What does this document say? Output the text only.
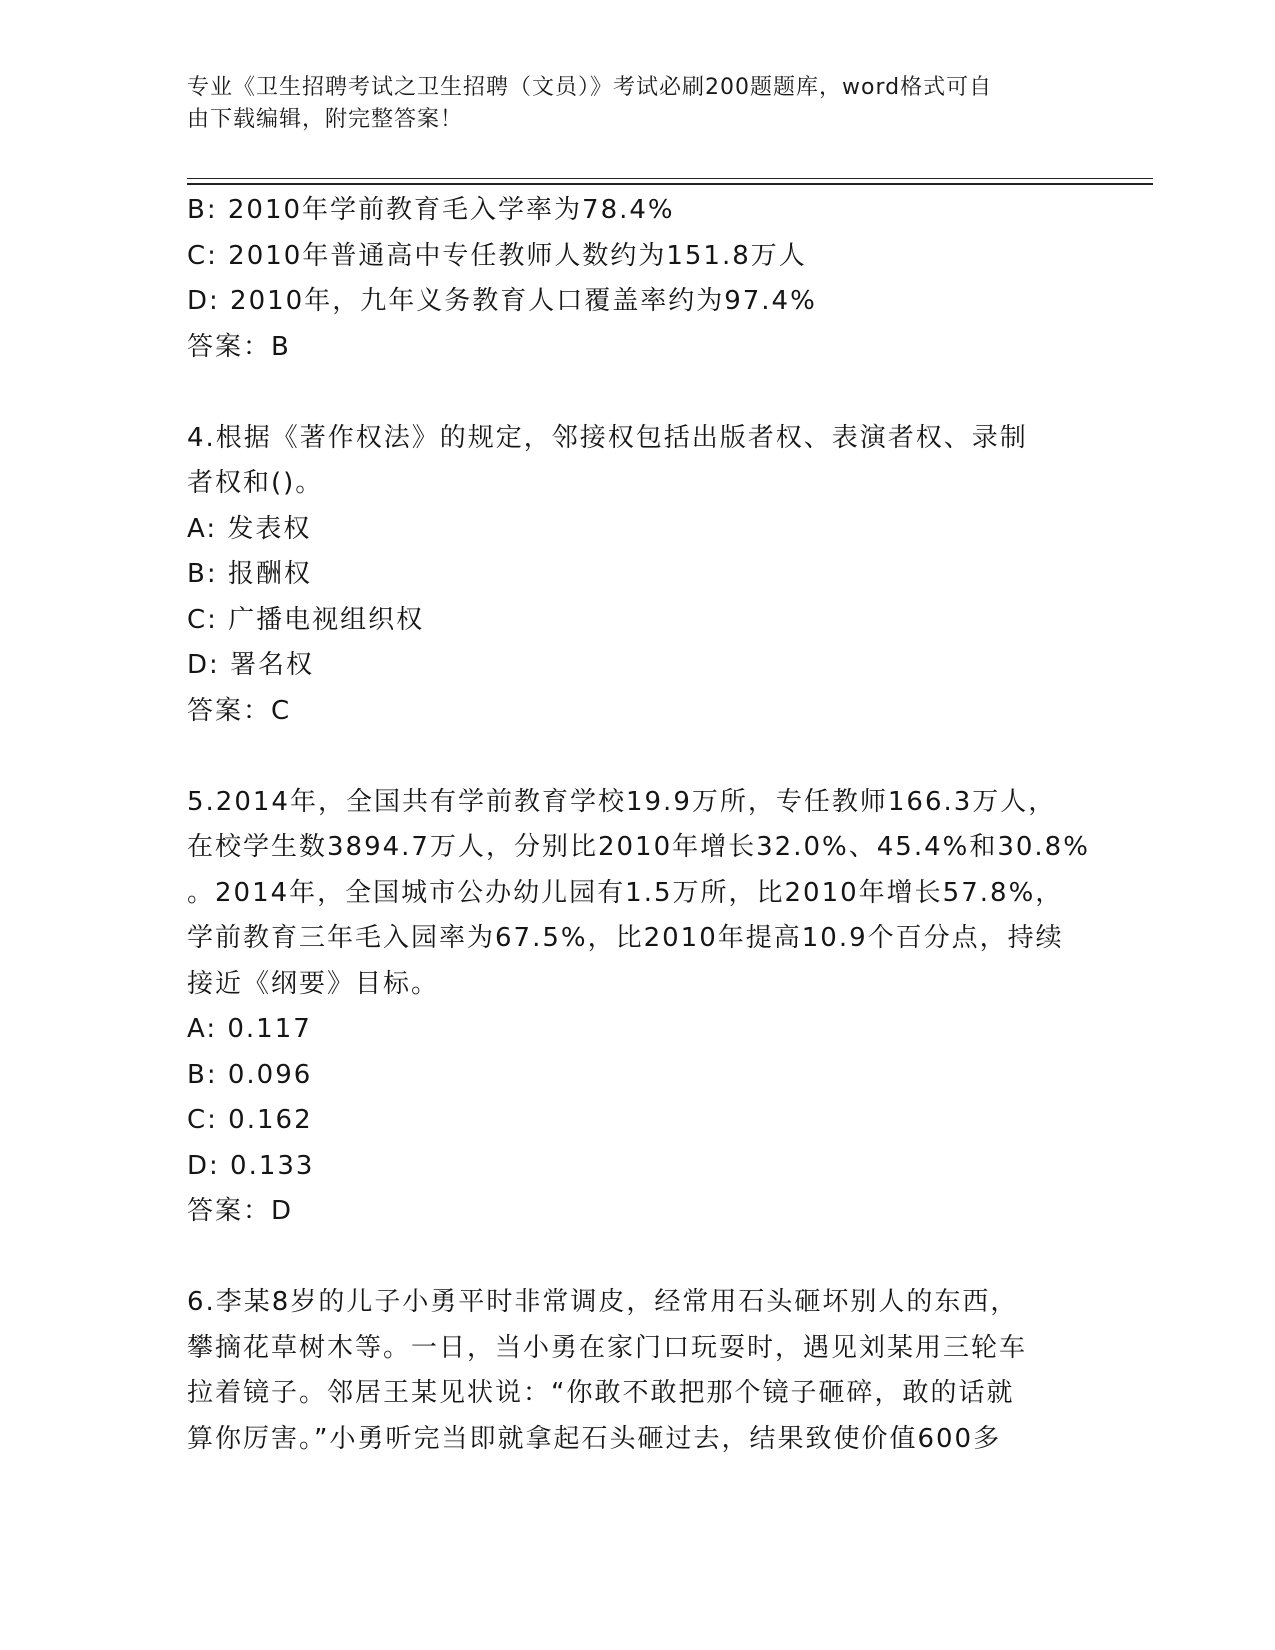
专业《卫生招聘考试之卫生招聘（文员）》考试必刷200题题库，word格式可自
由下载编辑，附完整答案！
B: 2010年学前教育毛入学率为78.4%
C: 2010年普通高中专任教师人数约为151.8万人
D: 2010年，九年义务教育人口覆盖率约为97.4%
答案：B
4.根据《著作权法》的规定，邻接权包括出版者权、表演者权、录制
者权和()。
A: 发表权
B: 报酬权
C: 广播电视组织权
D: 署名权
答案：C
5.2014年，全国共有学前教育学校19.9万所，专任教师166.3万人，
在校学生数3894.7万人，分别比2010年增长32.0%、45.4%和30.8%
。2014年，全国城市公办幼儿园有1.5万所，比2010年增长57.8%，
学前教育三年毛入园率为67.5%，比2010年提高10.9个百分点，持续
接近《纲要》目标。
A: 0.117
B: 0.096
C: 0.162
D: 0.133
答案：D
6.李某8岁的儿子小勇平时非常调皮，经常用石头砸坏别人的东西，
攀摘花草树木等。一日，当小勇在家门口玩耍时，遇见刘某用三轮车
拉着镜子。邻居王某见状说：“你敢不敢把那个镜子砸碎，敢的话就
算你厉害。”小勇听完当即就拿起石头砸过去，结果致使价值600多
